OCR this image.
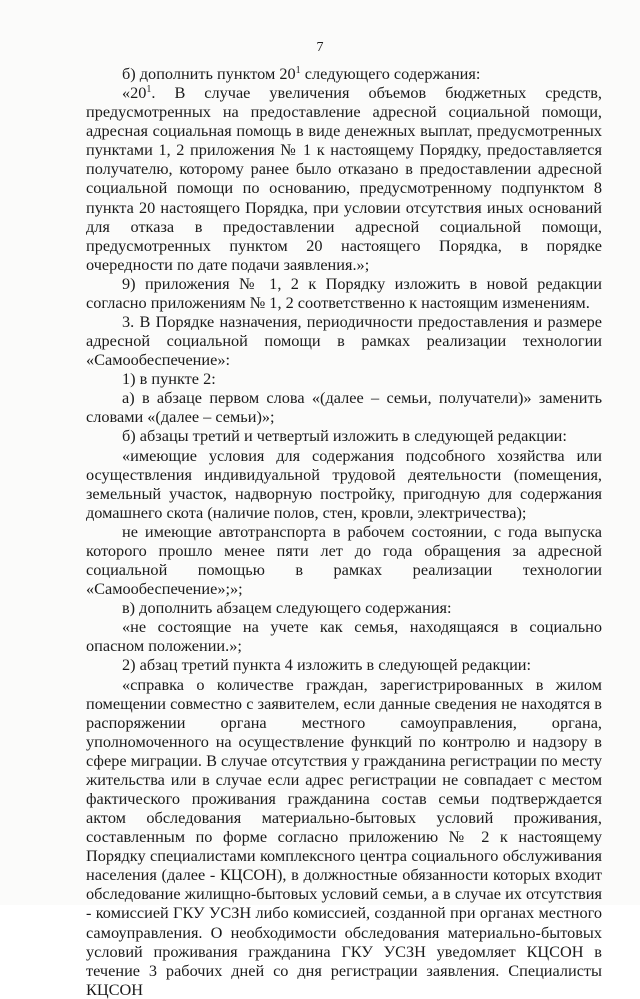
7

б) дополнить пунктом $20^1$ следующего содержания:

«$20^1$. В случае увеличения объемов бюджетных средств, предусмотренных на предоставление адресной социальной помощи, адресная социальная помощь в виде денежных выплат, предусмотренных пунктами 1, 2 приложения № 1 к настоящему Порядку, предоставляется получателю, которому ранее было отказано в предоставлении адресной социальной помощи по основанию, предусмотренному подпунктом 8 пункта 20 настоящего Порядка, при условии отсутствия иных оснований для отказа в предоставлении адресной социальной помощи, предусмотренных пунктом 20 настоящего Порядка, в порядке очередности по дате подачи заявления.»;

9) приложения № 1, 2 к Порядку изложить в новой редакции согласно приложениям № 1, 2 соответственно к настоящим изменениям.

3. В Порядке назначения, периодичности предоставления и размере адресной социальной помощи в рамках реализации технологии «Самообеспечение»:

1) в пункте 2:

а) в абзаце первом слова «(далее – семьи, получатели)» заменить словами «(далее – семьи)»;

б) абзацы третий и четвертый изложить в следующей редакции:

«имеющие условия для содержания подсобного хозяйства или осуществления индивидуальной трудовой деятельности (помещения, земельный участок, надворную постройку, пригодную для содержания домашнего скота (наличие полов, стен, кровли, электричества);

не имеющие автотранспорта в рабочем состоянии, с года выпуска которого прошло менее пяти лет до года обращения за адресной социальной помощью в рамках реализации технологии «Самообеспечение»;»;

в) дополнить абзацем следующего содержания:

«не состоящие на учете как семья, находящаяся в социально опасном положении.»;

2) абзац третий пункта 4 изложить в следующей редакции:

«справка о количестве граждан, зарегистрированных в жилом помещении совместно с заявителем, если данные сведения не находятся в распоряжении органа местного самоуправления, органа, уполномоченного на осуществление функций по контролю и надзору в сфере миграции. В случае отсутствия у гражданина регистрации по месту жительства или в случае если адрес регистрации не совпадает с местом фактического проживания гражданина состав семьи подтверждается актом обследования материально-бытовых условий проживания, составленным по форме согласно приложению № 2 к настоящему Порядку специалистами комплексного центра социального обслуживания населения (далее - КЦСОН), в должностные обязанности которых входит обследование жилищно-бытовых условий семьи, а в случае их отсутствия - комиссией ГКУ УСЗН либо комиссией, созданной при органах местного самоуправления. О необходимости обследования материально-бытовых условий проживания гражданина ГКУ УСЗН уведомляет КЦСОН в течение 3 рабочих дней со дня регистрации заявления. Специалисты КЦСОН
